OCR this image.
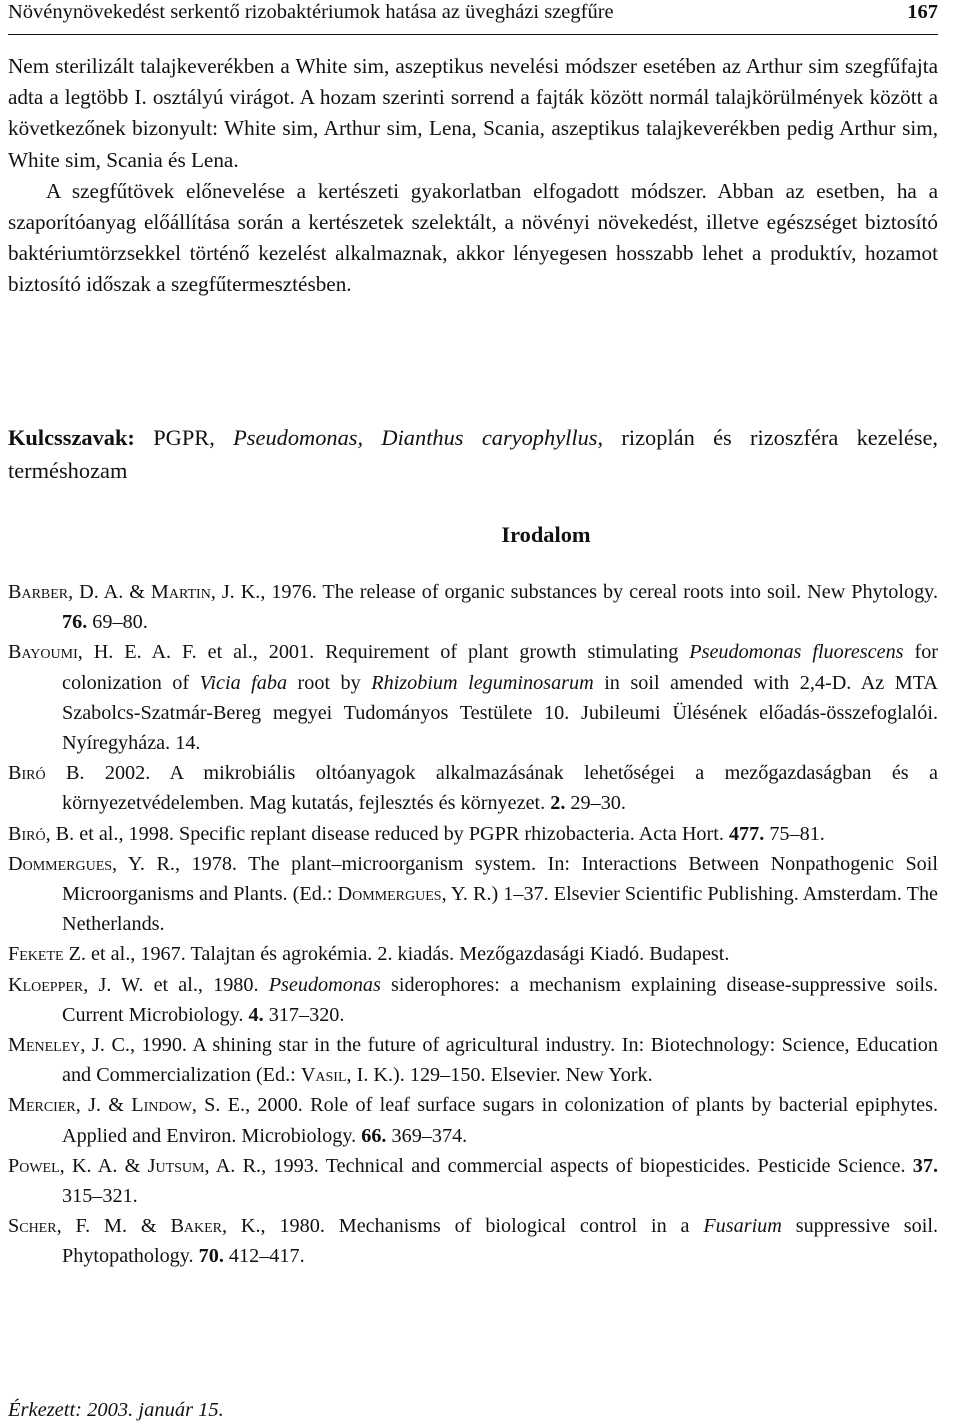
Növénynövekedést serkentő rizobaktériumok hatása az üvegházi szegfűre	167

Nem sterilizált talajkeverékben a White sim, aszeptikus nevelési módszer esetében az Arthur sim szegfűfajta adta a legtöbb I. osztályú virágot. A hozam szerinti sorrend a fajták között normál talajkörülmények között a következőnek bizonyult: White sim, Arthur sim, Lena, Scania, aszeptikus talajkeverékben pedig Arthur sim, White sim, Scania és Lena.

A szegfűtövek előnevelése a kertészeti gyakorlatban elfogadott módszer. Abban az esetben, ha a szaporítóanyag előállítása során a kertészetek szelektált, a növényi növekedést, illetve egészséget biztosító baktériumtörzsekkel történő kezelést alkalmaznak, akkor lényegesen hosszabb lehet a produktív, hozamot biztosító időszak a szegfűtermesztésben.

Kulcsszavak: PGPR, Pseudomonas, Dianthus caryophyllus, rizoplán és rizoszféra kezelése, terméshozam

Irodalom

Barber, D. A. & Martin, J. K., 1976. The release of organic substances by cereal roots into soil. New Phytology. 76. 69–80.

Bayoumi, H. E. A. F. et al., 2001. Requirement of plant growth stimulating Pseudomonas fluorescens for colonization of Vicia faba root by Rhizobium leguminosarum in soil amended with 2,4-D. Az MTA Szabolcs-Szatmár-Bereg megyei Tudományos Testülete 10. Jubileumi Ülésének előadás-összefoglalói. Nyíregyháza. 14.

Biró B. 2002. A mikrobiális oltóanyagok alkalmazásának lehetőségei a mezőgazdaságban és a környezetvédelemben. Mag kutatás, fejlesztés és környezet. 2. 29–30.

Biró, B. et al., 1998. Specific replant disease reduced by PGPR rhizobacteria. Acta Hort. 477. 75–81.

Dommergues, Y. R., 1978. The plant–microorganism system. In: Interactions Between Nonpathogenic Soil Microorganisms and Plants. (Ed.: Dommergues, Y. R.) 1–37. Elsevier Scientific Publishing. Amsterdam. The Netherlands.

Fekete Z. et al., 1967. Talajtan és agrokémia. 2. kiadás. Mezőgazdasági Kiadó. Budapest.

Kloepper, J. W. et al., 1980. Pseudomonas siderophores: a mechanism explaining disease-suppressive soils. Current Microbiology. 4. 317–320.

Meneley, J. C., 1990. A shining star in the future of agricultural industry. In: Biotechnology: Science, Education and Commercialization (Ed.: Vasil, I. K.). 129–150. Elsevier. New York.

Mercier, J. & Lindow, S. E., 2000. Role of leaf surface sugars in colonization of plants by bacterial epiphytes. Applied and Environ. Microbiology. 66. 369–374.

Powel, K. A. & Jutsum, A. R., 1993. Technical and commercial aspects of biopesticides. Pesticide Science. 37. 315–321.

Scher, F. M. & Baker, K., 1980. Mechanisms of biological control in a Fusarium suppressive soil. Phytopathology. 70. 412–417.

Érkezett: 2003. január 15.
